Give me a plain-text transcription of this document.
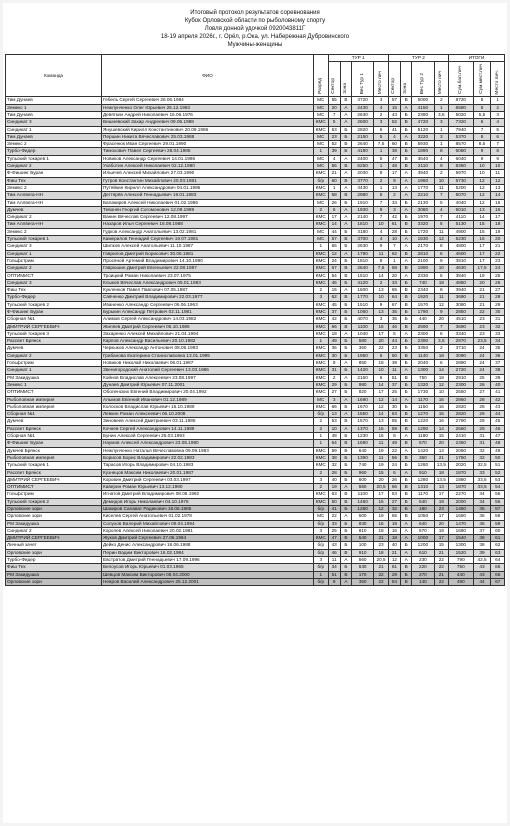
Итоговый протокол результатов соревнования
Кубок Орловской области по рыболовному спорту
Ловля донной удочкой 0920043811Г
18-19 апреля 2026г., г. Орёл, р.Ока, ул. Набережная Дубровинского
Мужчины-женщины
Команда	ФИО	Разряд	ТУР 1				ТУР 2				ИТОГИ		
			Сектор	Зона	Вес Тур 1	Место лич	Сектор	Зона	Вес Тур 2	Место лич	Сум.бал.лич	Сум.мест.лич	Место лич.
Тим Дунаев	Гебель Сергей Сергеевич 26.06.1984	МС	55	В	3720	3	57	В	5000	2	8720	5	1
Земекс 1	Нежлунченко Олег Юрьевич 25.12.1983	МС	20	А	2430	4	15	А	4150	1	6580	5	2
Тим Дунаев	Девяткин Андрей Николаевич 16.06.1976	МС	7	А	2630	2	43	Б	2390	3,5	5020	5,5	3
Синдикат 3	Вишневский Захар Андреевич 09.06.1988	КМС	5	А	2600	3	52	В	4720	3	7320	6	4
Синдикат 1	Янушевский Кирилл Константинович 20.09.1986	КМС	63	Б	2820	6	41	Б	5120	1	7940	7	5
Тим Дунаев	Першин Никита Вячеславович 25.03.1988	МС	23	Б	2150	5	4	А	3220	3	5370	8	6
Земекс 2	Фрасенюк Иван Сергеевич 29.01.1990	МС	52	В	2640	7,5	60	В	5930	1	8570	8,5	7
Турбо-Фидер	Тимохович Павел Сергеевич 28.04.1985	1	39	Б	4190	1	38	Б	1890	8	6080	9	8
Тульский токарев 1	Новиков Александр Сергеевич 14.01.1986	МС	4	А	2400	5	47	В	3640	4	6040	9	9
Синдикат 2	Ухаботин Алексей Николаевич 02.12.1980	МС	56	В	6250	1	48	В	2110	9	8360	10	10
Ф-Фишинг Буран	Ильичев Алексей Михайлович 27.03.1990	КМС	21	А	2030	8	17	А	3940	2	5970	10	11
Фиш Тех	Гутров Константин Михайлович 20.03.1981	б/р	60	В	3770	2	9	А	1960	10	5730	12	12
Земекс 2	Путяйкин Кирилл Александрович 04.01.1995	КМС	1	А	3430	1	13	А	1770	11	5200	12	13
Тим Аллвега-НН	Дегтярёв Алексей Геннадьевич 19.01.1983	КМС	58	В	2980	5	2	А	2210	7	5070	12	14
Тим Аллвега-НН	Балакирев Алексей Николаевич 01.02.1986	МС	26	Б	1910	7	34	Б	2130	5	4040	12	15
Думчев	Тевонян Георгий Согомонович 12.09.1989	2	6	А	1930	9	3	А	3080	4	5010	13	16
Синдикат 2	Ванин Вячеслав Сергеевич 12.08.1997	КМС	17	А	2140	7	42	Б	1970	7	4110	14	17
Тим Аллвега-НН	Назаров Илья Сергеевич 16.08.1988	КМС	14	А	1810	10	61	В	3320	5	5130	15	18
Земекс 2	Гудков Александр Анатольевич 13.02.1981	МС	44	Б	3180	4	28	Б	1720	11	4900	15	19
Тульский токарев 1	Камерилов Геннадий Сергеевич 19.07.1981	МС	57	В	3700	4	10	А	1530	12	5230	16	20
Синдикат 3	Шилков Алексей Анатольевич 11.10.1987	1	65	Б	2630	9	7	А	2170	8	4800	17	21
Синдикат 1	Гаврилов Дмитрий Борисович 30.06.1981	КМС	12	А	1790	11	62	В	2810	6	4600	17	22
Гольфстрим	Просяной Артемий Владимирович 14.10.1990	КМС	24	Б	1810	8	1	А	2100	9	3910	17	23
Синдикат 2	Гаврюшин Дмитрий Евгеньевич 22.08.1987	КМС	67	В	2640	7,5	58	В	1990	10	4630	17,5	24
ОПТИМИСТ	Троицкий Роман Николаевич 23.07.1975	КМС	54	В	1510	14	20	А	2330	5	3840	19	25
Синдикат 3	Клыков Вячеслав Александрович 05.01.1983	КМС	45	Б	4120	2	33	Б	740	18	4880	20	26
Фиш Тех	Кукленков Павел Павлович 07.05.1987	2	15	А	1600	13	65	В	2340	8	3940	21	27
Турбо-Фидер	Савченко Дмитрий Владимирович 22.03.1977	3	62	В	1770	10	64	В	1920	11	3690	21	28
Тульский токарев 2	Иваненко Александр Сергеевич 06.06.1963	КМС	45	Б	1510	9	67	В	1570	12	3080	21	29
Ф-Фишинг Буран	Бурькин Александр Петрович 02.11.1981	КМС	37	Б	1060	13	35	Б	1790	9	2850	22	30
Сборная №1	Алимов Сергей Александрович 14.03.1982	КМС	42	Б	4070	3	36	Б	440	20	4510	23	31
ДМИТРИЙ СЕРГЕЕВИЧ	Жиляев Дмитрий Сергеевич 06.10.1985	КМС	66	В	1100	16	46	В	2590	7	3690	23	32
Тульский токарев 3	Захаренко Алексей Михайлович 21.04.1994	КМС	18	А	1040	17	5	А	2300	6	3340	23	33
Рассвет Брянск	Карпов Александр Васильевич 20.10.1982	1	49	Б	580	20	44	Б	2390	3,5	2970	23,5	34
Думчев	Черкыков Александр Антонович 08.06.1993	КМС	36	Б	360	22	23	Б	3350	2	3710	24	35
Синдикат 2	Грибанова Екатерина Станиславовна 13.01.1995	КМС	30	Б	1950	6	50	В	1140	18	3090	24	36
Гольфстрим	Новиков Николай Николаевич 06.01.1987	КМС	9	А	850	18	39	Б	2040	6	2890	24	37
Синдикат 1	Звенигородский Анатолий Сергеевич 13.03.1986	КМС	31	Б	1420	10	11	А	1300	14	2720	24	38
РМ Закидушка	Койнов Владислав Алексеевич 23.08.1997	КМС	2	А	2160	6	51	В	750	19	2910	25	39
Земекс 1	Дунаев Дмитрий Юрьевич 07.11.2001	КМС	29	Б	980	14	37	Б	1320	12	2300	26	40
ОПТИМИСТ	Оболенских Евгений Владимирович 20.04.1992	КМС	27	Б	820	17	25	Б	1730	10	2550	27	41
Рыболовная империя	Алымов Евгений Иванович 01.12.1989	МС	3	А	1690	12	14	А	1170	16	2860	28	42
Рыболовная империя	Колосков Владислав Юрьевич 15.10.1989	КМС	66	Б	1670	12	30	Б	1150	16	2820	28	43
Сборная №1	Левкин Роман Алексеевич 06.10.2008	б/р	13	А	1550	14	63	В	1270	15	2820	29	44
Думчев	Зиновеев Алексей Дмитриевич 03.11.1985	2	53	В	1570	13	55	В	1220	16	2790	29	45
Рассвет Брянск	Кочнев Сергей Александрович 14.11.1989	2	10	А	1370	15	59	В	1290	14	2660	29	46
Сборная №1	Бунин Алексей Сергеевич 25.03.1993	1	48	Б	1230	16	8	А	1180	15	2410	31	47
Ф-Фишинг Буран	Наумов Алексей Александрович 23.05.1980	1	64	В	1690	11	49	В	670	20	2360	31	48
Думчев Брянск	Нежлунченко Наталья Вячеславовна 09.09.1983	КМС	59	В	640	19	22	А	1420	13	2060	32	49
Рыболовная империя	Борисов Борис Владимирович 22.02.1983	КМС	38	Б	1390	11	56	В	360	21	1750	32	50
Тульский токарев 1	Тарасов Игорь Владимирович 04.10.1983	КМС	32	Б	740	19	24	Б	1280	13,5	2020	32,5	51
Рассвет Брянск	Кузнецов Максим Николаевич 20.01.1987	2	28	Б	960	15	6	А	910	18	1870	33	52
ДМИТРИЙ СЕРГЕЕВИЧ	Коровин Дмитрий Сергеевич 03.03.1997	3	40	Б	600	20	26	Б	1280	13,5	1880	33,5	53
ОПТИМИСТ	Каверин Роман Юрьевич 13.12.1980	2	19	А	550	20,5	66	В	1310	13	1870	33,5	54
Гольфстрим	Игнатов Дмитрий Владимирович 08.08.1992	КМС	63	В	1100	17	53	В	1170	17	2270	34	55
Тульский токарев 2	Демидов Игорь Николаевич 04.10.1976	КМС	50	В	1460	15	27	Б	540	19	2000	34	56
Орловские зори	Шакиров Салават Радикович 18.06.1985	б/р	41	Б	1280	12	32	Б	180	23	1460	35	57
Орловские зори	Киселев Сергей Анатольевич 01.02.1978	МС	22	А	600	19	65	В	1050	17	1650	36	58
РМ Закидушка	Солухов Валерий Михайлович 09.04.1994	б/р	33	Б	830	16	19	А	640	20	1470	36	59
Синдикат 2	Королев Алексей Николаевич 20.02.1981	3	25	Б	810	18	16	А	870	19	1680	37	60
ДМИТРИЙ СЕРГЕЕВИЧ	Жуков Дмитрий Сергеевич 27.06.1994	КМС	47	В	540	21	18	А	1000	17	1540	38	61
Личный зачет	Дейко Денис Александрович 18.06.1988	б/р	43	Б	100	23	40	Б	1200	15	1300	38	62
Орловские зори	Перин Вадим Викторович 16.02.1984	б/р	46	В	910	18	21	А	610	21	1520	39	63
Турбо-Фидер	Евстратов Дмитрий Геннадьевич 17.09.1996	3	11	А	560	20,5	12	А	230	22	790	42,5	64
Фиш Тех	Белоусов Игорь Юрьевич 01.03.1965	б/р	34	Б	530	21	61	В	220	22	750	43	65
РМ Закидушка	Шевцов Максим Викторович 08.04.2000	1	51	В	170	22	29	Б	270	21	440	43	66
Орловские зори	Невров Василий Александрович 25.12.2001	б/р	8	А	350	22	54	В	140	22	490	44	67
